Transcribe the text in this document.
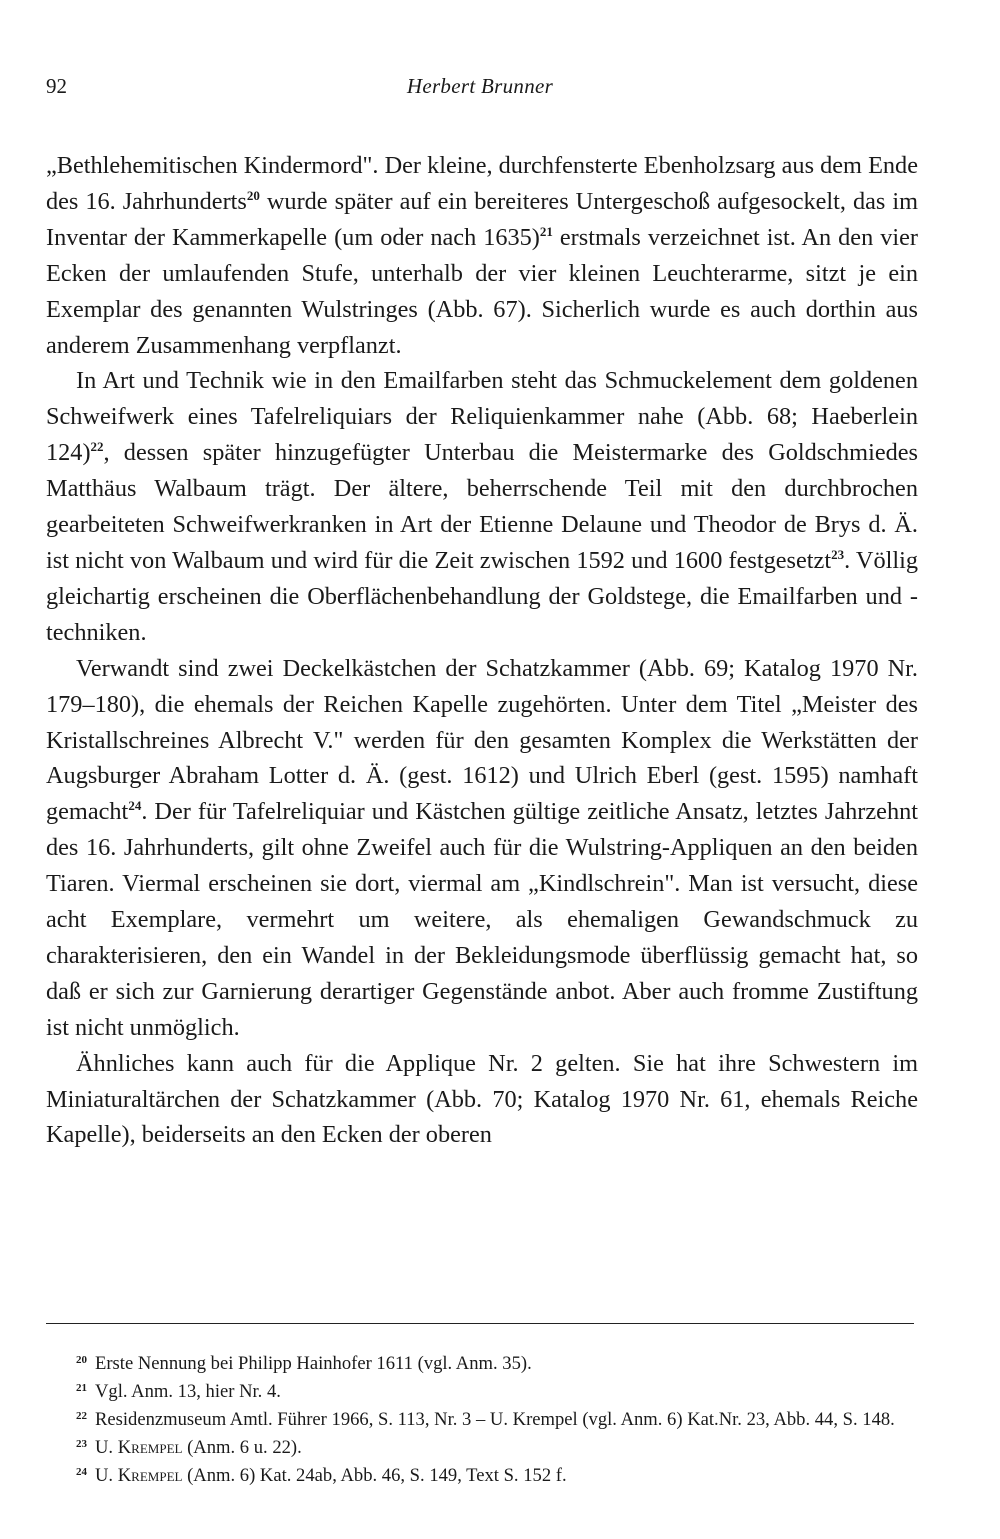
92	Herbert Brunner

„Bethlehemitischen Kindermord". Der kleine, durchfensterte Ebenholzsarg aus dem Ende des 16. Jahrhunderts$^{20}$ wurde später auf ein bereiteres Untergeschoß aufgesockelt, das im Inventar der Kammerkapelle (um oder nach 1635)$^{21}$ erstmals verzeichnet ist. An den vier Ecken der umlaufenden Stufe, unterhalb der vier kleinen Leuchterarme, sitzt je ein Exemplar des genannten Wulstringes (Abb. 67). Sicherlich wurde es auch dorthin aus anderem Zusammenhang verpflanzt.

In Art und Technik wie in den Emailfarben steht das Schmuckelement dem goldenen Schweifwerk eines Tafelreliquiars der Reliquienkammer nahe (Abb. 68; Haeberlein 124)$^{22}$, dessen später hinzugefügter Unterbau die Meistermarke des Goldschmiedes Matthäus Walbaum trägt. Der ältere, beherrschende Teil mit den durchbrochen gearbeiteten Schweifwerkranken in Art der Etienne Delaune und Theodor de Brys d. Ä. ist nicht von Walbaum und wird für die Zeit zwischen 1592 und 1600 festgesetzt$^{23}$. Völlig gleichartig erscheinen die Oberflächenbehandlung der Goldstege, die Emailfarben und -techniken.

Verwandt sind zwei Deckelkästchen der Schatzkammer (Abb. 69; Katalog 1970 Nr. 179–180), die ehemals der Reichen Kapelle zugehörten. Unter dem Titel „Meister des Kristallschreines Albrecht V." werden für den gesamten Komplex die Werkstätten der Augsburger Abraham Lotter d. Ä. (gest. 1612) und Ulrich Eberl (gest. 1595) namhaft gemacht$^{24}$. Der für Tafelreliquiar und Kästchen gültige zeitliche Ansatz, letztes Jahrzehnt des 16. Jahrhunderts, gilt ohne Zweifel auch für die Wulstring-Appliquen an den beiden Tiaren. Viermal erscheinen sie dort, viermal am „Kindlschrein". Man ist versucht, diese acht Exemplare, vermehrt um weitere, als ehemaligen Gewandschmuck zu charakterisieren, den ein Wandel in der Bekleidungsmode überflüssig gemacht hat, so daß er sich zur Garnierung derartiger Gegenstände anbot. Aber auch fromme Zustiftung ist nicht unmöglich.

Ähnliches kann auch für die Applique Nr. 2 gelten. Sie hat ihre Schwestern im Miniaturaltärchen der Schatzkammer (Abb. 70; Katalog 1970 Nr. 61, ehemals Reiche Kapelle), beiderseits an den Ecken der oberen

$^{20}$ Erste Nennung bei Philipp Hainhofer 1611 (vgl. Anm. 35).

$^{21}$ Vgl. Anm. 13, hier Nr. 4.

$^{22}$ Residenzmuseum Amtl. Führer 1966, S. 113, Nr. 3 – U. Krempel (vgl. Anm. 6) Kat.Nr. 23, Abb. 44, S. 148.

$^{23}$ U. Krempel (Anm. 6 u. 22).

$^{24}$ U. Krempel (Anm. 6) Kat. 24ab, Abb. 46, S. 149, Text S. 152 f.
